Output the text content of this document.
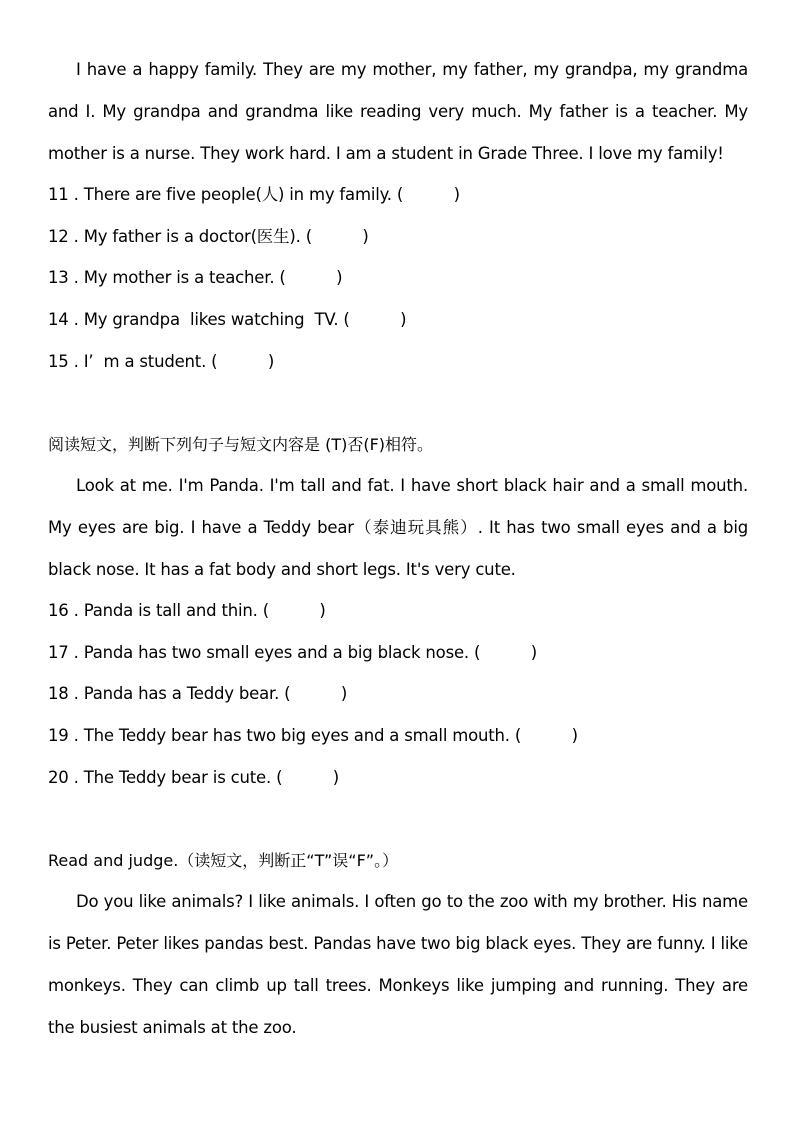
I have a happy family. They are my mother, my father, my grandpa, my grandma and I. My grandpa and grandma like reading very much. My father is a teacher. My mother is a nurse. They work hard. I am a student in Grade Three. I love my family!

11 . There are five people(人) in my family. (          )

12 . My father is a doctor(医生). (          )

13 . My mother is a teacher. (          )

14 . My grandpa  likes watching  TV. (          )

15 . I’  m a student. (          )

阅读短文，判断下列句子与短文内容是 (T)否(F)相符。

Look at me. I'm Panda. I'm tall and fat. I have short black hair and a small mouth. My eyes are big. I have a Teddy bear（泰迪玩具熊）. It has two small eyes and a big black nose. It has a fat body and short legs. It's very cute.

16 . Panda is tall and thin. (          )

17 . Panda has two small eyes and a big black nose. (          )

18 . Panda has a Teddy bear. (          )

19 . The Teddy bear has two big eyes and a small mouth. (          )

20 . The Teddy bear is cute. (          )

Read and judge.（读短文，判断正“T”误“F”。）

Do you like animals? I like animals. I often go to the zoo with my brother. His name is Peter. Peter likes pandas best. Pandas have two big black eyes. They are funny. I like monkeys. They can climb up tall trees. Monkeys like jumping and running. They are the busiest animals at the zoo.
